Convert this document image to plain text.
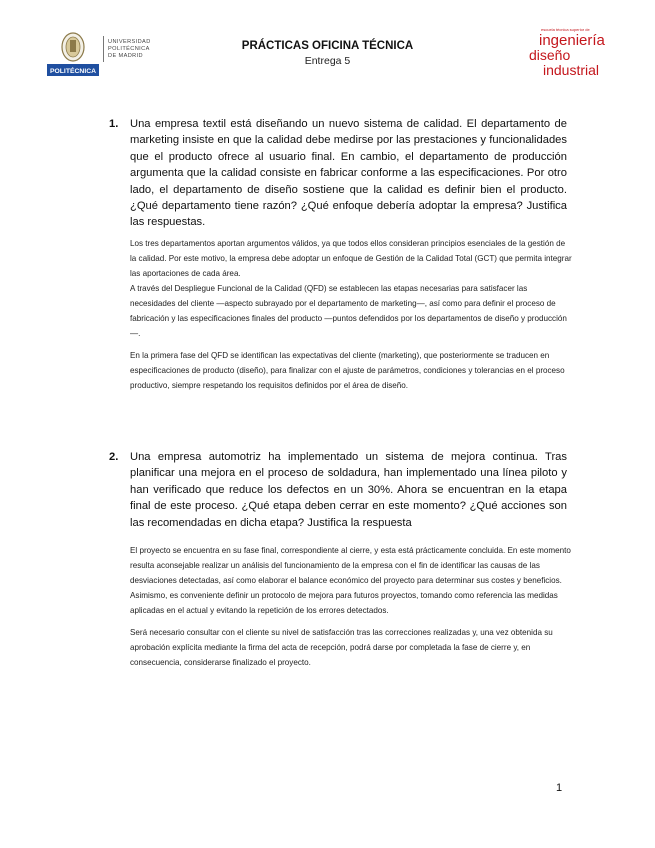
POLITÉCNICA
UNIVERSIDAD
POLITÉCNICA
DE MADRID
PRÁCTICAS OFICINA TÉCNICA
Entrega 5
escuela técnica superior de
ingeniería
diseño
industrial
1.	Una empresa textil está diseñando un nuevo sistema de calidad. El departamento de marketing insiste en que la calidad debe medirse por las prestaciones y funcionalidades que el producto ofrece al usuario final. En cambio, el departamento de producción argumenta que la calidad consiste en fabricar conforme a las especificaciones. Por otro lado, el departamento de diseño sostiene que la calidad es definir bien el producto. ¿Qué departamento tiene razón? ¿Qué enfoque debería adoptar la empresa? Justifica las respuestas.

Los tres departamentos aportan argumentos válidos, ya que todos ellos consideran principios esenciales de la gestión de la calidad. Por este motivo, la empresa debe adoptar un enfoque de Gestión de la Calidad Total (GCT) que permita integrar las aportaciones de cada área.

A través del Despliegue Funcional de la Calidad (QFD) se establecen las etapas necesarias para satisfacer las necesidades del cliente —aspecto subrayado por el departamento de marketing—, así como para definir el proceso de fabricación y las especificaciones finales del producto —puntos defendidos por los departamentos de diseño y producción—.

En la primera fase del QFD se identifican las expectativas del cliente (marketing), que posteriormente se traducen en especificaciones de producto (diseño), para finalizar con el ajuste de parámetros, condiciones y tolerancias en el proceso productivo, siempre respetando los requisitos definidos por el área de diseño.

2.	Una empresa automotriz ha implementado un sistema de mejora continua. Tras planificar una mejora en el proceso de soldadura, han implementado una línea piloto y han verificado que reduce los defectos en un 30%. Ahora se encuentran en la etapa final de este proceso. ¿Qué etapa deben cerrar en este momento? ¿Qué acciones son las recomendadas en dicha etapa? Justifica la respuesta

El proyecto se encuentra en su fase final, correspondiente al cierre, y esta está prácticamente concluida. En este momento resulta aconsejable realizar un análisis del funcionamiento de la empresa con el fin de identificar las causas de las desviaciones detectadas, así como elaborar el balance económico del proyecto para determinar sus costes y beneficios. Asimismo, es conveniente definir un protocolo de mejora para futuros proyectos, tomando como referencia las medidas aplicadas en el actual y evitando la repetición de los errores detectados.

Será necesario consultar con el cliente su nivel de satisfacción tras las correcciones realizadas y, una vez obtenida su aprobación explícita mediante la firma del acta de recepción, podrá darse por completada la fase de cierre y, en consecuencia, considerarse finalizado el proyecto.

1
